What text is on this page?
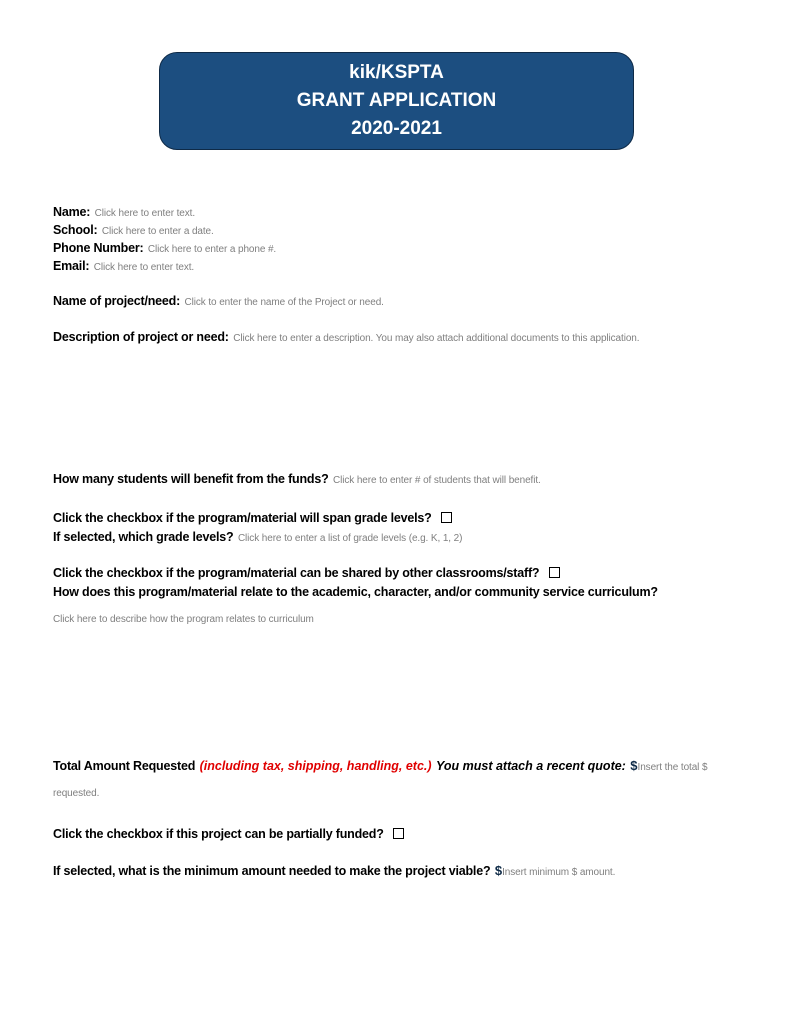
kik/KSPTA
GRANT APPLICATION
2020-2021
Name: Click here to enter text.
School: Click here to enter a date.
Phone Number: Click here to enter a phone #.
Email: Click here to enter text.
Name of project/need: Click to enter the name of the Project or need.
Description of project or need: Click here to enter a description. You may also attach additional documents to this application.
How many students will benefit from the funds? Click here to enter # of students that will benefit.
Click the checkbox if the program/material will span grade levels?
If selected, which grade levels? Click here to enter a list of grade levels (e.g. K, 1, 2)
Click the checkbox if the program/material can be shared by other classrooms/staff?
How does this program/material relate to the academic, character, and/or community service curriculum?
Click here to describe how the program relates to curriculum
Total Amount Requested (including tax, shipping, handling, etc.) You must attach a recent quote: $Insert the total $
requested.
Click the checkbox if this project can be partially funded?
If selected, what is the minimum amount needed to make the project viable? $Insert minimum $ amount.
